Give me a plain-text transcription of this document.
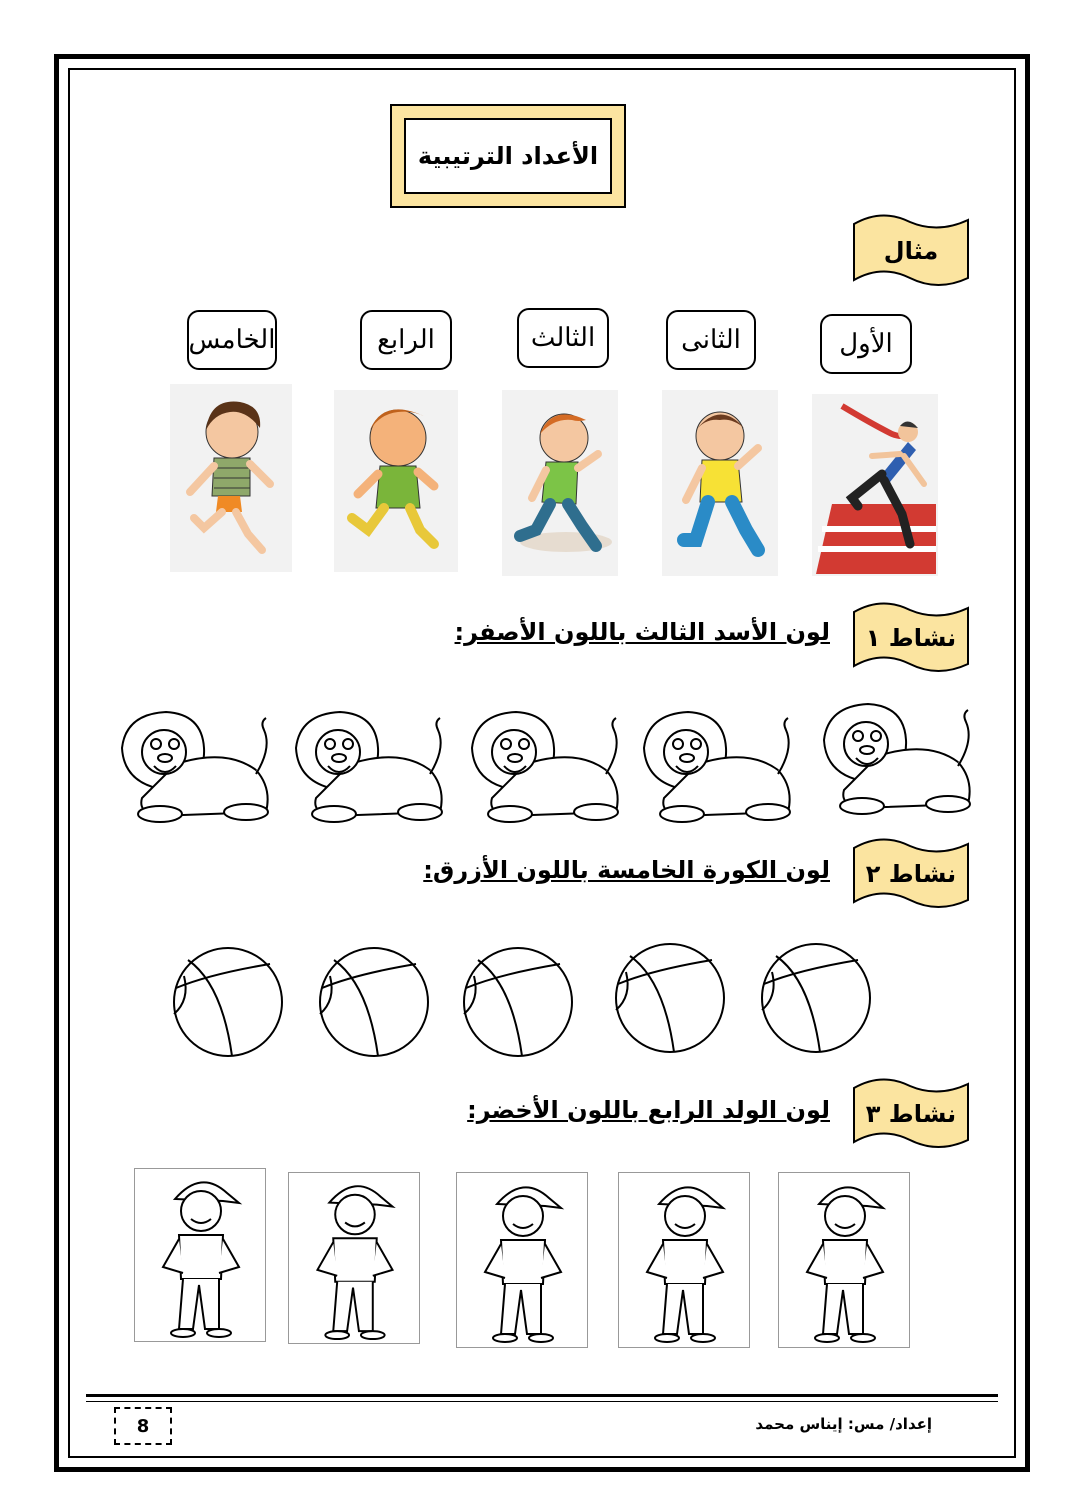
الأعداد الترتيبية
مثال
الأول
الثانى
الثالث
الرابع
الخامس
نشاط ١
لون الأسد الثالث باللون الأصفر:
نشاط ٢
لون الكورة الخامسة باللون الأزرق:
نشاط ٣
لون الولد الرابع باللون الأخضر:
8	إعداد/ مس: إيناس محمد
